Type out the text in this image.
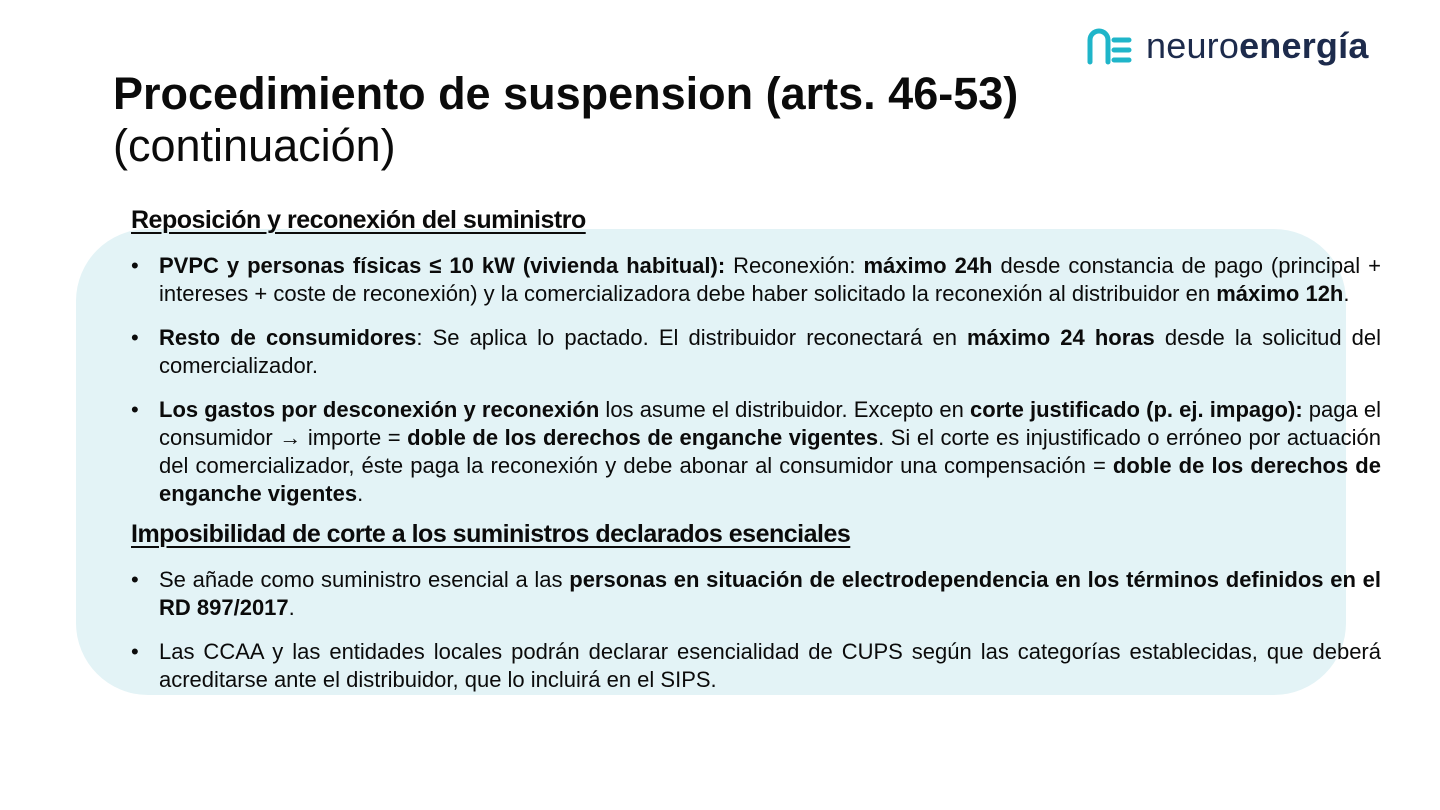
neuroenergía
Procedimiento de suspension (arts. 46-53)
(continuación)
Reposición y reconexión del suministro
• PVPC y personas físicas ≤ 10 kW (vivienda habitual): Reconexión: máximo 24h desde constancia de pago (principal + intereses + coste de reconexión) y la comercializadora debe haber solicitado la reconexión al distribuidor en máximo 12h.
• Resto de consumidores: Se aplica lo pactado. El distribuidor reconectará en máximo 24 horas desde la solicitud del comercializador.
• Los gastos por desconexión y reconexión los asume el distribuidor. Excepto en corte justificado (p. ej. impago): paga el consumidor → importe = doble de los derechos de enganche vigentes. Si el corte es injustificado o erróneo por actuación del comercializador, éste paga la reconexión y debe abonar al consumidor una compensación = doble de los derechos de enganche vigentes.
Imposibilidad de corte a los suministros declarados esenciales
• Se añade como suministro esencial a las personas en situación de electrodependencia en los términos definidos en el RD 897/2017.
• Las CCAA y las entidades locales podrán declarar esencialidad de CUPS según las categorías establecidas, que deberá acreditarse ante el distribuidor, que lo incluirá en el SIPS.
